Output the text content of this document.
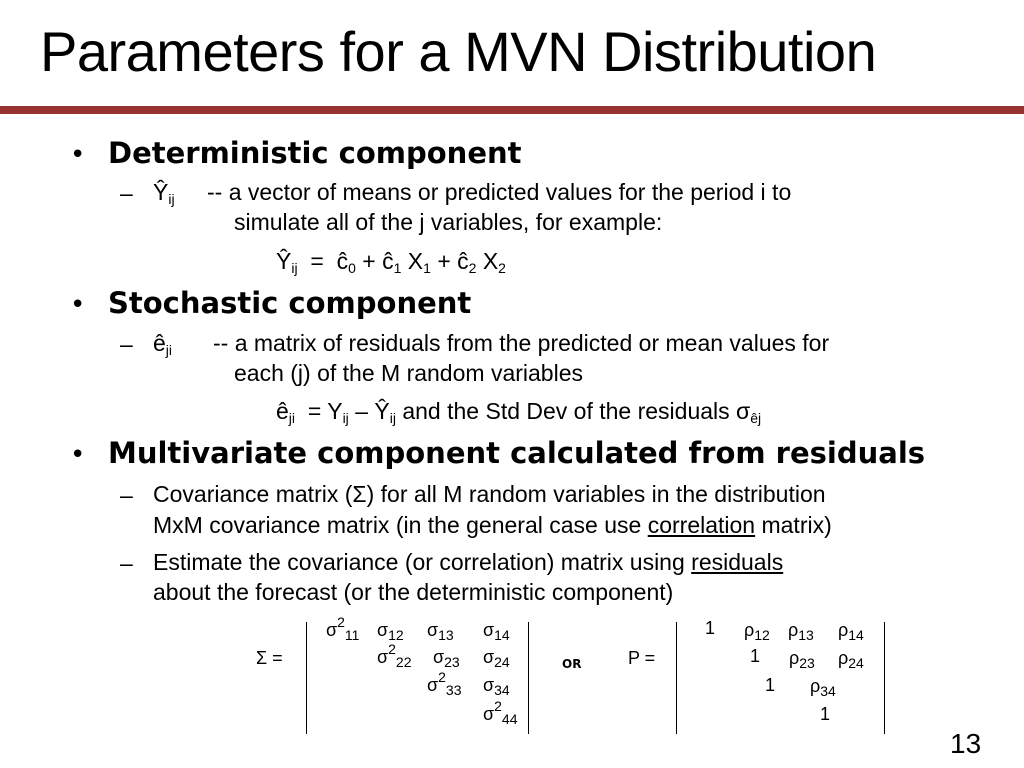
Parameters for a MVN Distribution
• Deterministic component
– $Ŷ_{ij}$ -- a vector of means or predicted values for the period i to
simulate all of the j variables, for example:
$Ŷ_{ij}$ = $ĉ_0$ + $ĉ_1$ $X_1$ + $ĉ_2$ $X_2$
• Stochastic component
– $ê_{ji}$ -- a matrix of residuals from the predicted or mean values for
each (j) of the M random variables
$ê_{ji} = Y_{ij}$ – $Ŷ_{ij}$ and the Std Dev of the residuals $\sigma_{êj}$
• Multivariate component calculated from residuals
– Covariance matrix (Σ) for all M random variables in the distribution
MxM covariance matrix (in the general case use correlation matrix)
– Estimate the covariance (or correlation) matrix using residuals
about the forecast (or the deterministic component)
Σ =
$\sigma^2_{11}$ $\sigma_{12}$ $\sigma_{13}$ $\sigma_{14}$
$\sigma^2_{22}$ $\sigma_{23}$ $\sigma_{24}$
$\sigma^2_{33}$ $\sigma_{34}$
$\sigma^2_{44}$
OR	P =
1 $\rho_{12}$ $\rho_{13}$ $\rho_{14}$
1 $\rho_{23}$ $\rho_{24}$
1 $\rho_{34}$
1
13
